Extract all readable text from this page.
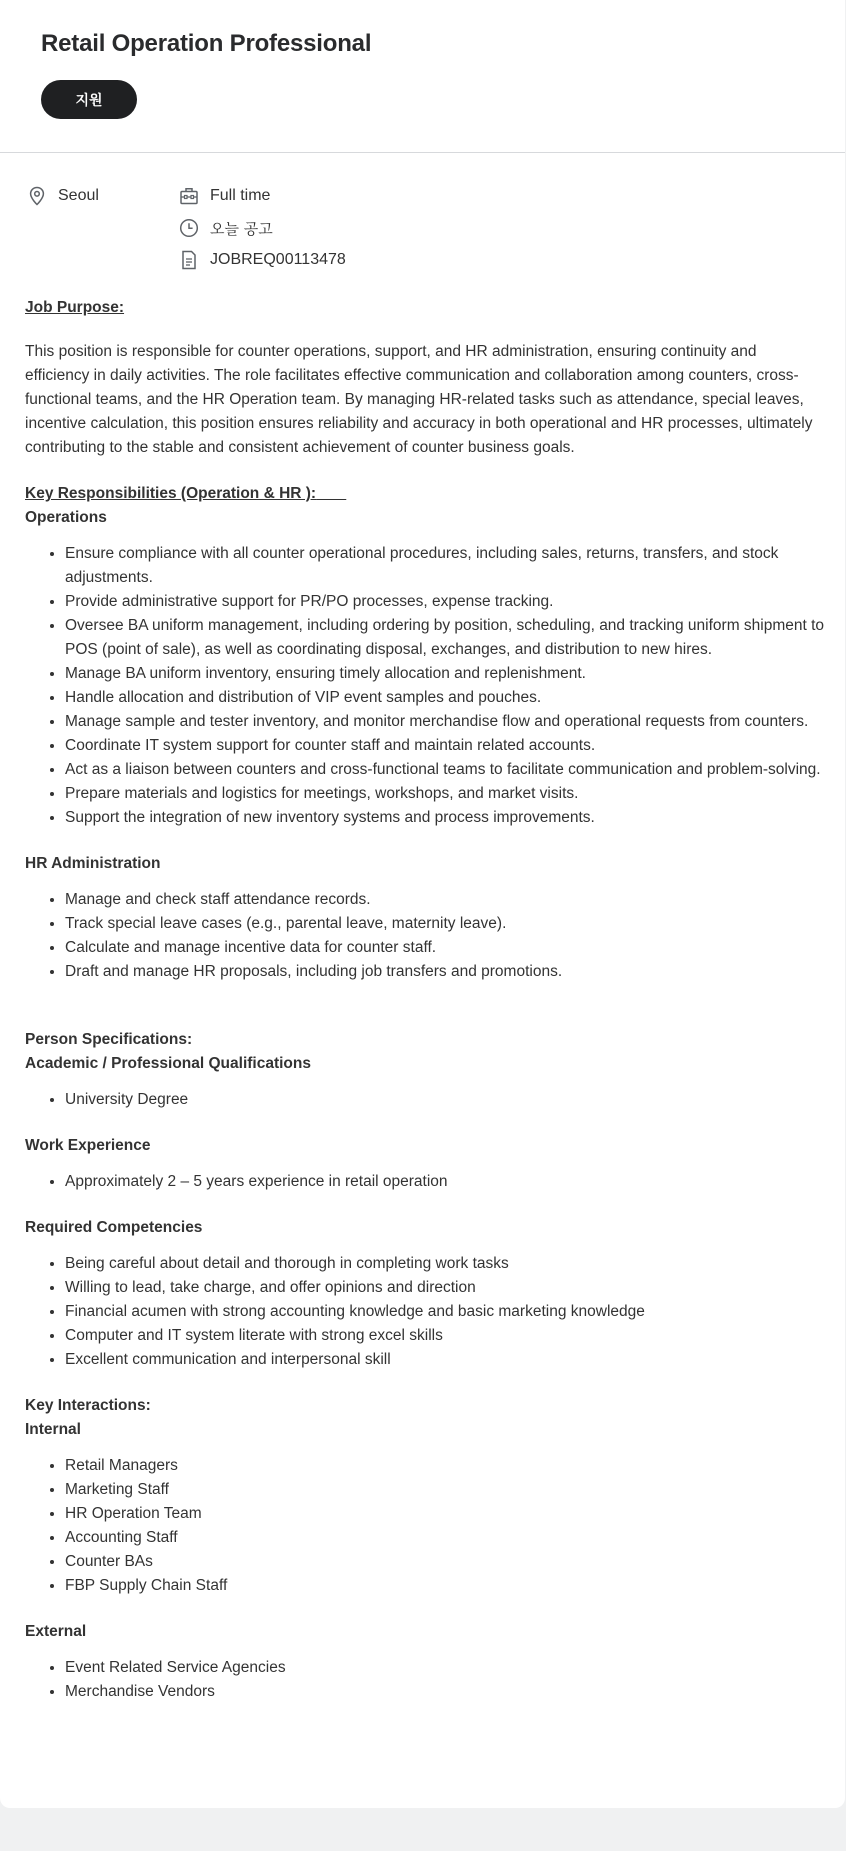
Retail Operation Professional
지원
Seoul	Full time
오늘 공고
JOBREQ00113478

Job Purpose:

This position is responsible for counter operations, support, and HR administration, ensuring continuity and efficiency in daily activities. The role facilitates effective communication and collaboration among counters, cross-functional teams, and the HR Operation team. By managing HR-related tasks such as attendance, special leaves, incentive calculation, this position ensures reliability and accuracy in both operational and HR processes, ultimately contributing to the stable and consistent achievement of counter business goals.

Key Responsibilities (Operation & HR ):

Operations

• Ensure compliance with all counter operational procedures, including sales, returns, transfers, and stock adjustments.
• Provide administrative support for PR/PO processes, expense tracking.
• Oversee BA uniform management, including ordering by position, scheduling, and tracking uniform shipment to POS (point of sale), as well as coordinating disposal, exchanges, and distribution to new hires.
• Manage BA uniform inventory, ensuring timely allocation and replenishment.
• Handle allocation and distribution of VIP event samples and pouches.
• Manage sample and tester inventory, and monitor merchandise flow and operational requests from counters.
• Coordinate IT system support for counter staff and maintain related accounts.
• Act as a liaison between counters and cross-functional teams to facilitate communication and problem-solving.
• Prepare materials and logistics for meetings, workshops, and market visits.
• Support the integration of new inventory systems and process improvements.

HR Administration

• Manage and check staff attendance records.
• Track special leave cases (e.g., parental leave, maternity leave).
• Calculate and manage incentive data for counter staff.
• Draft and manage HR proposals, including job transfers and promotions.

Person Specifications:

Academic / Professional Qualifications

• University Degree

Work Experience

• Approximately 2 – 5 years experience in retail operation

Required Competencies

• Being careful about detail and thorough in completing work tasks
• Willing to lead, take charge, and offer opinions and direction
• Financial acumen with strong accounting knowledge and basic marketing knowledge
• Computer and IT system literate with strong excel skills
• Excellent communication and interpersonal skill

Key Interactions:

Internal

• Retail Managers
• Marketing Staff
• HR Operation Team
• Accounting Staff
• Counter BAs
• FBP Supply Chain Staff

External

• Event Related Service Agencies
• Merchandise Vendors
